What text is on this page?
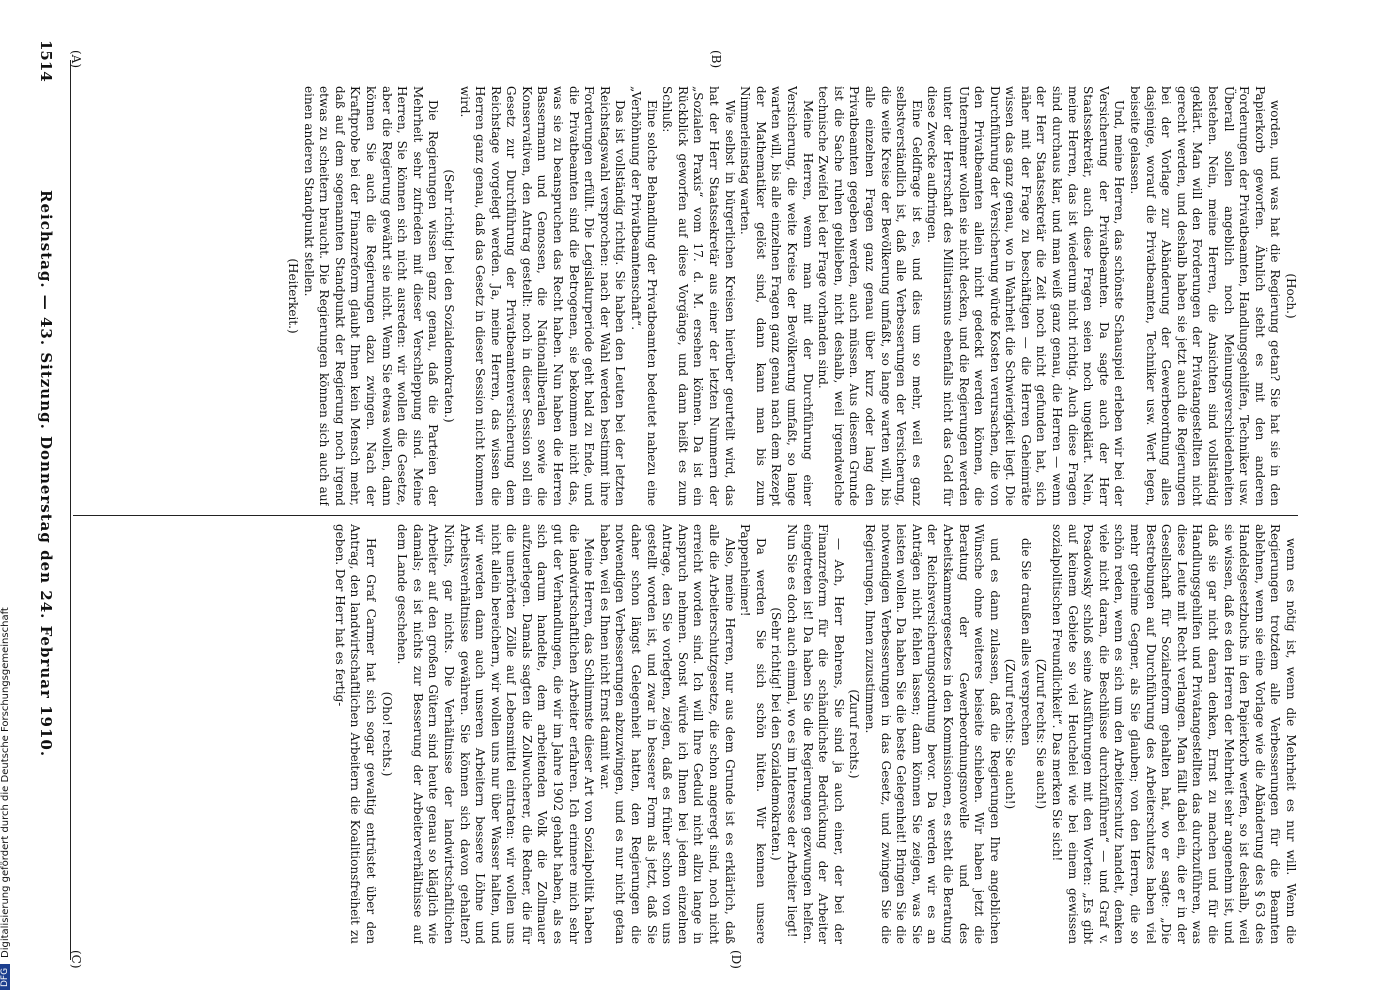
1514
Reichstag. — 43. Sitzung. Donnerstag den 24. Februar 1910.
(A)	(B)
(C)	(D)

(Hoch.)

worden, und was hat die Regierung getan? Sie hat sie in den Papierkorb geworfen. Ähnlich steht es mit den anderen Forderungen der Privatbeamten, Handlungsgehilfen, Techniker usw. Überall sollen angeblich noch Meinungsverschiedenheiten bestehen. Nein, meine Herren, die Ansichten sind vollständig geklärt. Man will den Forderungen der Privatangestellten nicht gerecht werden, und deshalb haben sie jetzt auch die Regierungen bei der Vorlage zur Abänderung der Gewerbeordnung alles dasjenige, worauf die Privatbeamten, Techniker usw. Wert legen, beiseite gelassen.

Und, meine Herren, das schönste Schauspiel erleben wir bei der Versicherung der Privatbeamten. Da sagte auch der Herr Staatssekretär, auch diese Fragen seien noch ungeklärt. Nein, meine Herren, das ist wiederum nicht richtig. Auch diese Fragen sind durchaus klar, und man weiß ganz genau, die Herren — wenn der Herr Staatssekretär die Zeit noch nicht gefunden hat, sich näher mit der Frage zu beschäftigen — die Herren Geheimräte wissen das ganz genau, wo in Wahrheit die Schwierigkeit liegt. Die Durchführung der Versicherung würde Kosten verursachen, die von den Privatbeamten allein nicht gedeckt werden können, die Unternehmer wollen sie nicht decken, und die Regierungen werden unter der Herrschaft des Militarismus ebenfalls nicht das Geld für diese Zwecke aufbringen.

Eine Geldfrage ist es, und dies um so mehr, weil es ganz selbstverständlich ist, daß alle Verbesserungen der Versicherung, die weite Kreise der Bevölkerung umfaßt, so lange warten will, bis alle einzelnen Fragen ganz genau über kurz oder lang den Privatbeamten gegeben werden, auch müssen. Aus diesem Grunde ist die Sache ruhen geblieben, nicht deshalb, weil irgendwelche technische Zweifel bei der Frage vorhanden sind.

Meine Herren, wenn man mit der Durchführung einer Versicherung, die weite Kreise der Bevölkerung umfaßt, so lange warten will, bis alle einzelnen Fragen ganz genau nach dem Rezept der Mathematiker gelöst sind, dann kann man bis zum Nimmerleinstag warten.

Wie selbst in bürgerlichen Kreisen hierüber geurteilt wird, das hat der Herr Staatssekretär aus einer der letzten Nummern der „Sozialen Praxis“ vom 17. d. M. ersehen können. Da ist ein Rückblick geworfen auf diese Vorgänge, und dann heißt es zum Schluß:

Eine solche Behandlung der Privatbeamten bedeutet nahezu eine „Verhöhnung der Privatbeamtenschaft“.

Das ist vollständig richtig. Sie haben den Leuten bei der letzten Reichstagswahl versprochen: nach der Wahl werden bestimmt ihre Forderungen erfüllt. Die Legislaturperiode geht bald zu Ende, und die Privatbeamten sind die Betrogenen, sie bekommen nicht das, was sie zu beanspruchen das Recht haben. Nun haben die Herren Bassermann und Genossen, die Nationalliberalen sowie die Konservativen, den Antrag gestellt: noch in dieser Session soll ein Gesetz zur Durchführung der Privatbeamtenversicherung dem Reichstage vorgelegt werden. Ja, meine Herren, das wissen die Herren ganz genau, daß das Gesetz in dieser Session nicht kommen wird.

(Sehr richtig! bei den Sozialdemokraten.)

Die Regierungen wissen ganz genau, daß die Parteien der Mehrheit sehr zufrieden mit dieser Verschleppung sind. Meine Herren, Sie können sich nicht ausreden: wir wollen die Gesetze, aber die Regierung gewährt sie nicht. Wenn Sie etwas wollen, dann können Sie auch die Regierungen dazu zwingen. Nach der Kraftprobe bei der Finanzreform glaubt Ihnen kein Mensch mehr, daß auf dem sogenannten Standpunkt der Regierung noch irgend etwas zu scheitern braucht. Die Regierungen können sich auch auf einen anderen Standpunkt stellen.

(Heiterkeit.)

wenn es nötig ist, wenn die Mehrheit es nur will. Wenn die Regierungen trotzdem alle Verbesserungen für die Beamten ablehnen, wenn sie eine Vorlage wie die Abänderung des § 63 des Handelsgesetzbuchs in den Papierkorb werfen, so ist deshalb, weil sie wissen, daß es den Herren der Mehrheit sehr angenehm ist, und daß sie gar nicht daran denken, Ernst zu machen und für die Handlungsgehilfen und Privatangestellten das durchzuführen, was diese Leute mit Recht verlangen. Man fällt dabei ein, die er in der Gesellschaft für Sozialreform gehalten hat, wo er sagte: „Die Bestrebungen auf Durchführung des Arbeiterschutzes haben viel mehr geheime Gegner, als Sie glauben; von den Herren, die so schön reden, wenn es sich um den Arbeiterschutz handelt, denken viele nicht daran, die Beschlüsse durchzuführen“ — und Graf v. Posadowsky schloß seine Ausführungen mit den Worten: „Es gibt auf keinem Gebiete so viel Heuchelei wie bei einem gewissen sozialpolitischen Freundlichkeit“. Das merken Sie sich!

(Zuruf rechts: Sie auch!)

die Sie draußen alles versprechen

(Zuruf rechts: Sie auch!)

und es dann zulassen, daß die Regierungen Ihre angeblichen Wünsche ohne weiteres beiseite schieben. Wir haben jetzt die Beratung der Gewerbeordnungsnovelle und des Arbeitskammergesetzes in den Kommissionen, es steht die Beratung der Reichsversicherungsordnung bevor. Da werden wir es an Anträgen nicht fehlen lassen; dann können Sie zeigen, was Sie leisten wollen. Da haben Sie die beste Gelegenheit! Bringen Sie die notwendigen Verbesserungen in das Gesetz, und zwingen Sie die Regierungen, Ihnen zuzustimmen.

(Zuruf rechts.)

— Ach, Herr Behrens, Sie sind ja auch einer, der bei der Finanzreform für die schändlichste Bedrückung der Arbeiter eingetreten ist! Da haben Sie die Regierungen gezwungen helfen. Nun Sie es doch auch einmal, wo es im Interesse der Arbeiter liegt!

(Sehr richtig! bei den Sozialdemokraten.)

Da werden Sie sich schön hüten. Wir kennen unsere Pappenheimer!

Also, meine Herren, nur aus dem Grunde ist es erklärlich, daß alle die Arbeiterschutzgesetze, die schon angeregt sind, noch nicht erreicht worden sind. Ich will Ihre Geduld nicht allzu lange in Anspruch nehmen. Sonst würde ich Ihnen bei jedem einzelnen Antrage, den Sie vorlegten, zeigen, daß es früher schon von uns gestellt worden ist, und zwar in besserer Form als jetzt, daß Sie daher schon längst Gelegenheit hatten, den Regierungen die notwendigen Verbesserungen abzuzwingen, und es nur nicht getan haben, weil es Ihnen nicht Ernst damit war.

Meine Herren, das Schlimmste dieser Art von Sozialpolitik haben die landwirtschaftlichen Arbeiter erfahren. Ich erinnere mich sehr gut der Verhandlungen, die wir im Jahre 1902 gehabt haben, als es sich darum handelte, dem arbeitenden Volk die Zollmauer aufzuerlegen. Damals sagten die Zollwucherer, die Redner, die für die unerhörten Zölle auf Lebensmittel eintraten: wir wollen uns nicht allein bereichern, wir wollen uns nur über Wasser halten, und wir werden dann auch unseren Arbeitern bessere Löhne und Arbeitsverhältnisse gewähren. Sie können sich davon gehalten? Nichts, gar nichts. Die Verhältnisse der landwirtschaftlichen Arbeiter auf den großen Gütern sind heute genau so kläglich wie damals; es ist nichts zur Besserung der Arbeiterverhältnisse auf dem Lande geschehen.

(Oho! rechts.)

Herr Graf Carmer hat sich sogar gewaltig entrüstet über den Antrag, den landwirtschaftlichen Arbeitern die Koalitionsfreiheit zu geben. Der Herr hat es fertig-

DFG
Digitalisierung gefördert durch die Deutsche Forschungsgemeinschaft
